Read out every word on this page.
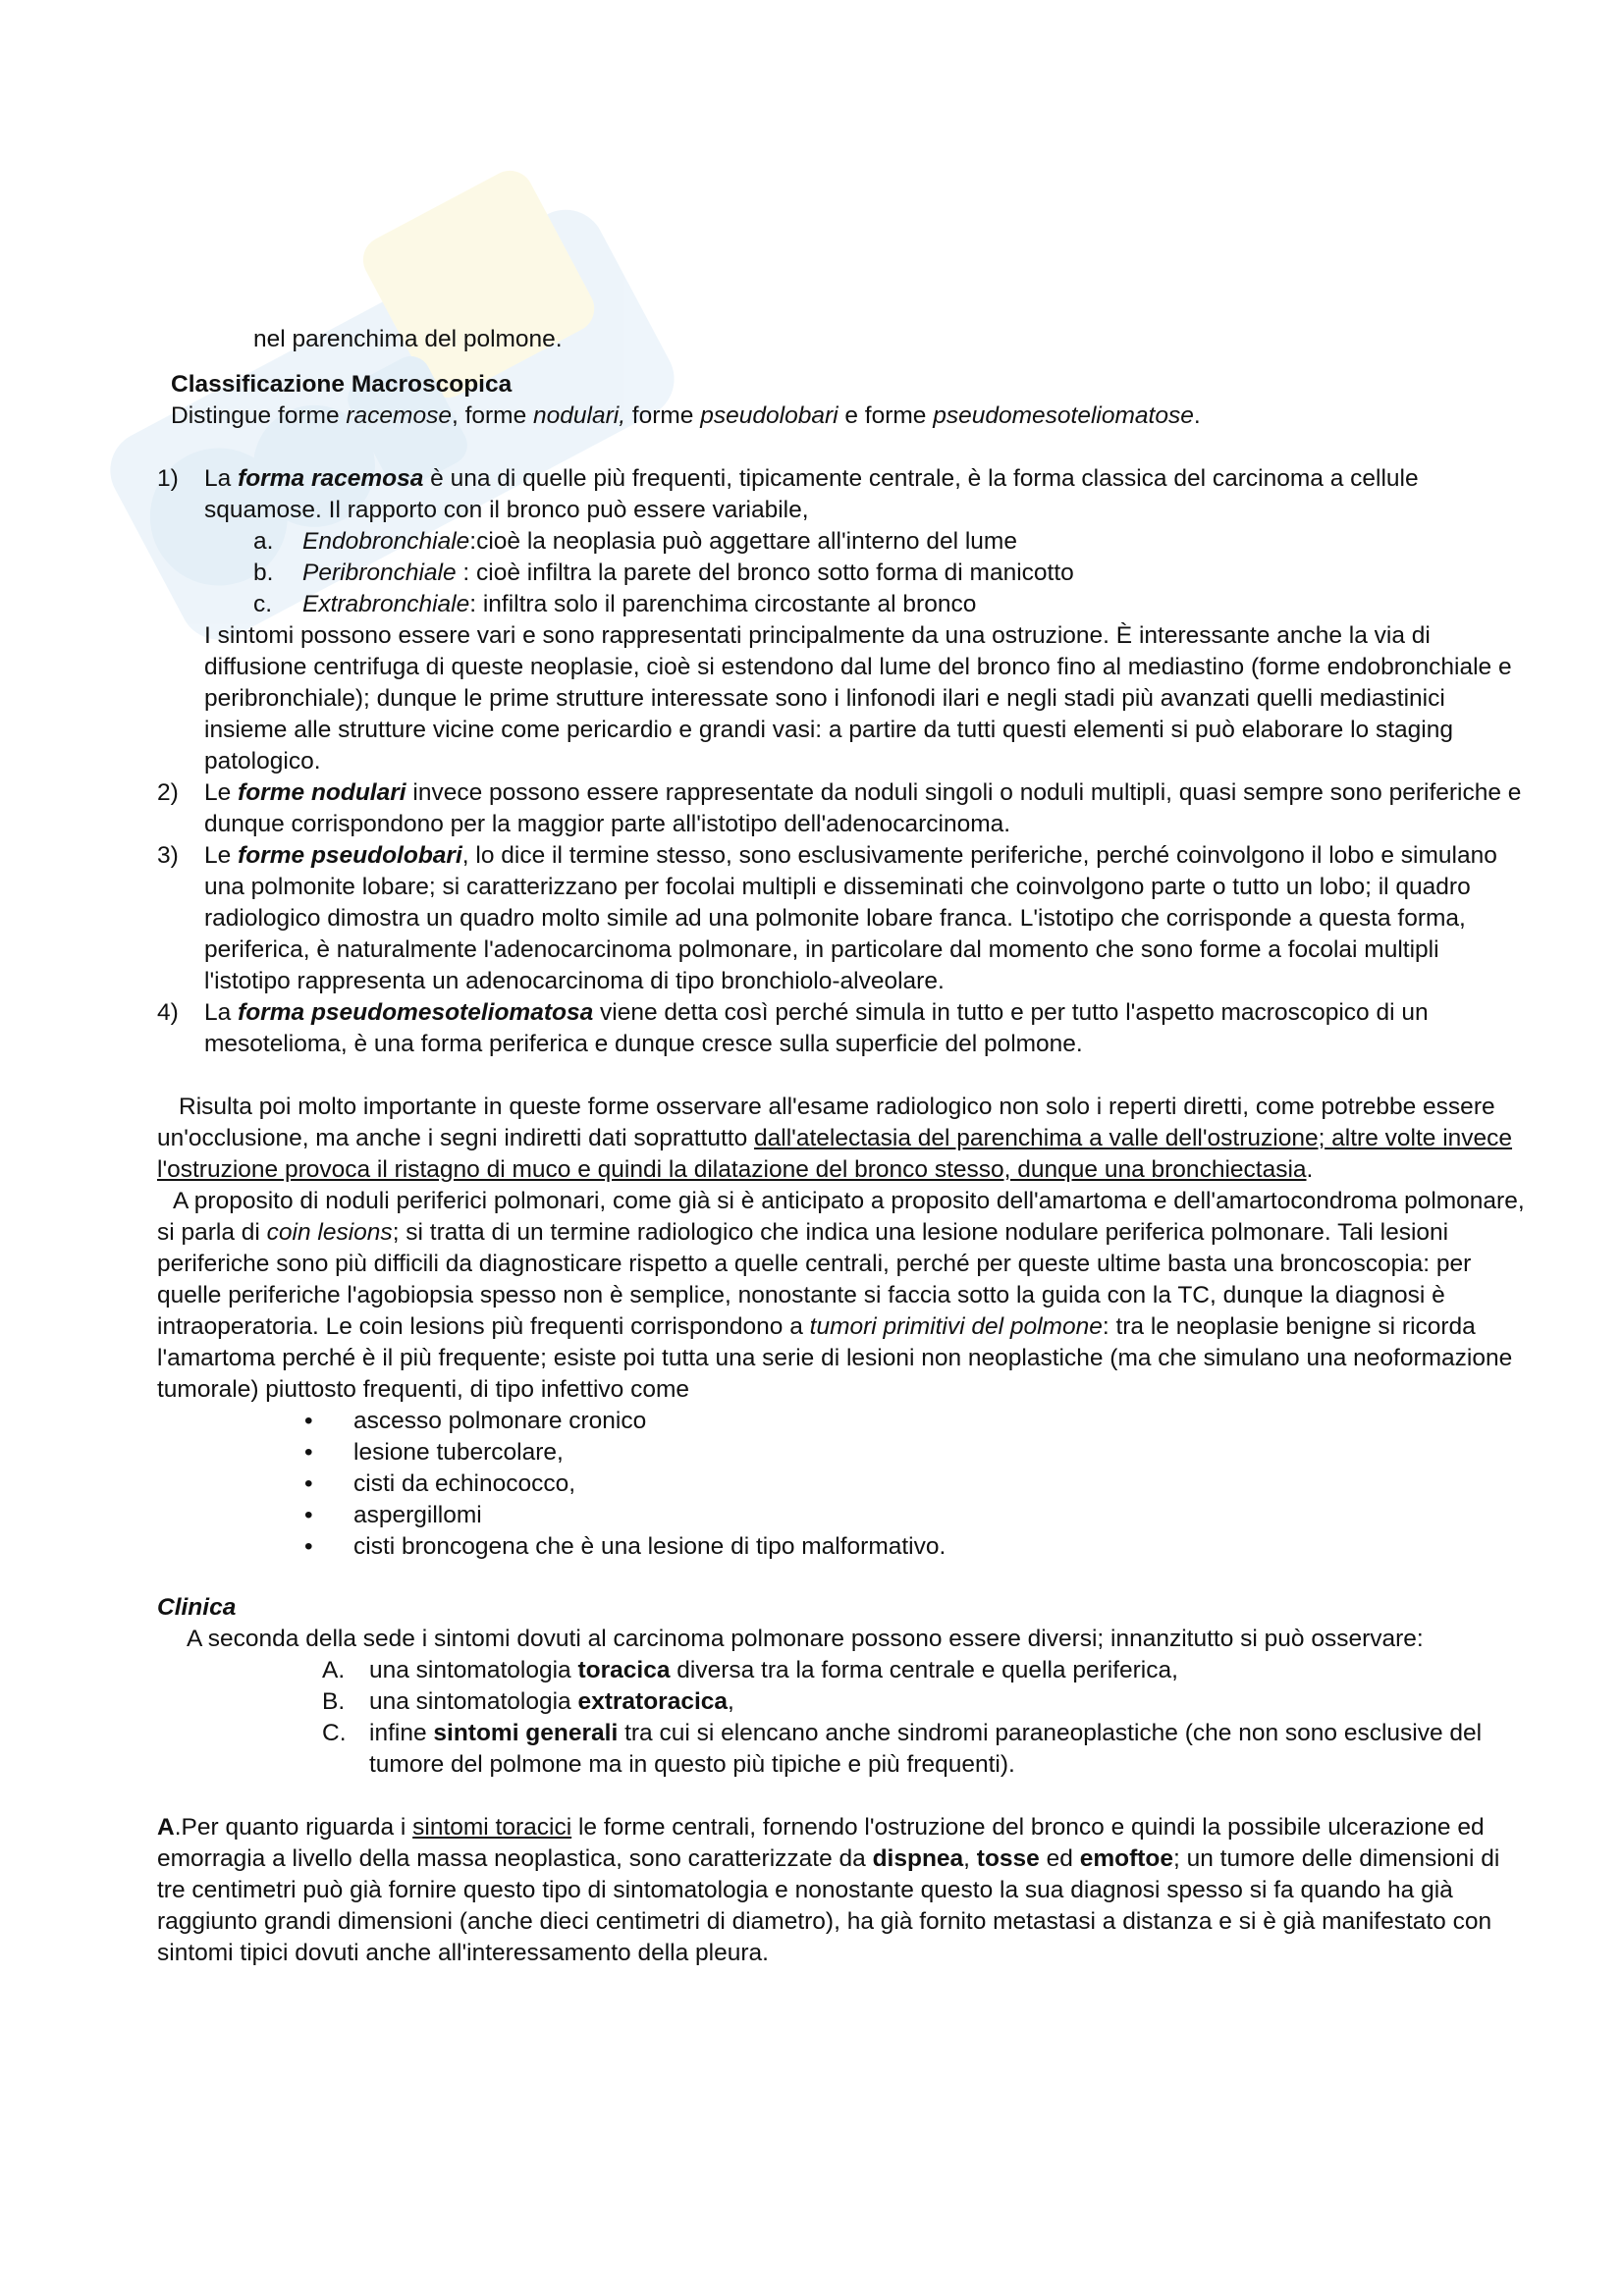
nel parenchima del polmone.

Classificazione Macroscopica

Distingue forme racemose, forme nodulari, forme pseudolobari e forme pseudomesoteliomatose.

1) La forma racemosa è una di quelle più frequenti, tipicamente centrale, è la forma classica del carcinoma a cellule squamose. Il rapporto con il bronco può essere variabile,

a. Endobronchiale:cioè la neoplasia può aggettare all'interno del lume

b. Peribronchiale : cioè infiltra la parete del bronco sotto forma di manicotto

c. Extrabronchiale: infiltra solo il parenchima circostante al bronco

I sintomi possono essere vari e sono rappresentati principalmente da una ostruzione. È interessante anche la via di diffusione centrifuga di queste neoplasie, cioè si estendono dal lume del bronco fino al mediastino (forme endobronchiale e peribronchiale); dunque le prime strutture interessate sono i linfonodi ilari e negli stadi più avanzati quelli mediastinici insieme alle strutture vicine come pericardio e grandi vasi: a partire da tutti questi elementi si può elaborare lo staging patologico.

2) Le forme nodulari invece possono essere rappresentate da noduli singoli o noduli multipli, quasi sempre sono periferiche e dunque corrispondono per la maggior parte all'istotipo dell'adenocarcinoma.

3) Le forme pseudolobari, lo dice il termine stesso, sono esclusivamente periferiche, perché coinvolgono il lobo e simulano una polmonite lobare; si caratterizzano per focolai multipli e disseminati che coinvolgono parte o tutto un lobo; il quadro radiologico dimostra un quadro molto simile ad una polmonite lobare franca. L'istotipo che corrisponde a questa forma, periferica, è naturalmente l'adenocarcinoma polmonare, in particolare dal momento che sono forme a focolai multipli l'istotipo rappresenta un adenocarcinoma di tipo bronchiolo-alveolare.

4) La forma pseudomesoteliomatosa viene detta così perché simula in tutto e per tutto l'aspetto macroscopico di un mesotelioma, è una forma periferica e dunque cresce sulla superficie del polmone.

Risulta poi molto importante in queste forme osservare all'esame radiologico non solo i reperti diretti, come potrebbe essere un'occlusione, ma anche i segni indiretti dati soprattutto dall'atelectasia del parenchima a valle dell'ostruzione; altre volte invece l'ostruzione provoca il ristagno di muco e quindi la dilatazione del bronco stesso, dunque una bronchiectasia.

A proposito di noduli periferici polmonari, come già si è anticipato a proposito dell'amartoma e dell'amartocondroma polmonare, si parla di coin lesions; si tratta di un termine radiologico che indica una lesione nodulare periferica polmonare. Tali lesioni periferiche sono più difficili da diagnosticare rispetto a quelle centrali, perché per queste ultime basta una broncoscopia: per quelle periferiche l'agobiopsia spesso non è semplice, nonostante si faccia sotto la guida con la TC, dunque la diagnosi è intraoperatoria. Le coin lesions più frequenti corrispondono a tumori primitivi del polmone: tra le neoplasie benigne si ricorda l'amartoma perché è il più frequente; esiste poi tutta una serie di lesioni non neoplastiche (ma che simulano una neoformazione tumorale) piuttosto frequenti, di tipo infettivo come

• ascesso polmonare cronico
• lesione tubercolare,
• cisti da echinococco,
• aspergillomi
• cisti broncogena che è una lesione di tipo malformativo.

Clinica

A seconda della sede i sintomi dovuti al carcinoma polmonare possono essere diversi; innanzitutto si può osservare:

A. una sintomatologia toracica diversa tra la forma centrale e quella periferica,

B. una sintomatologia extratoracica,

C. infine sintomi generali tra cui si elencano anche sindromi paraneoplastiche (che non sono esclusive del tumore del polmone ma in questo più tipiche e più frequenti).

A.Per quanto riguarda i sintomi toracici le forme centrali, fornendo l'ostruzione del bronco e quindi la possibile ulcerazione ed emorragia a livello della massa neoplastica, sono caratterizzate da dispnea, tosse ed emoftoe; un tumore delle dimensioni di tre centimetri può già fornire questo tipo di sintomatologia e nonostante questo la sua diagnosi spesso si fa quando ha già raggiunto grandi dimensioni (anche dieci centimetri di diametro), ha già fornito metastasi a distanza e si è già manifestato con sintomi tipici dovuti anche all'interessamento della pleura.
